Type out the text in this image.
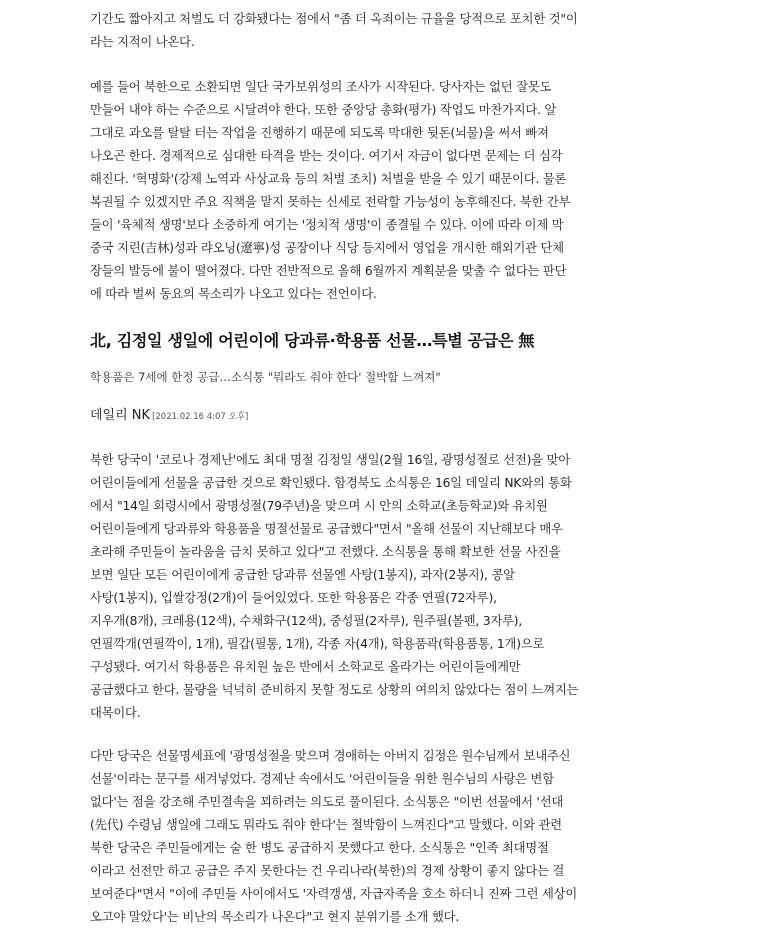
기간도 짧아지고 처벌도 더 강화됐다는 점에서 "좀 더 옥죄이는 규율을 당적으로 포치한 것"이
라는 지적이 나온다.
예를 들어 북한으로 소환되면 일단 국가보위성의 조사가 시작된다. 당사자는 없던 잘못도
만들어 내야 하는 수준으로 시달려야 한다. 또한 중앙당 총화(평가) 작업도 마찬가지다. 알
그대로 과오를 탈탈 터는 작업을 진행하기 때문에 되도록 막대한 뒷돈(뇌물)을 써서 빠져
나오곤 한다. 경제적으로 심대한 타격을 받는 것이다. 여기서 자금이 없다면 문제는 더 심각
해진다. '혁명화'(강제 노역과 사상교육 등의 처벌 조치) 처벌을 받을 수 있기 때문이다. 물론
복권될 수 있겠지만 주요 직책을 맡지 못하는 신세로 전락할 가능성이 농후해진다. 북한 간부
들이 '육체적 생명'보다 소중하게 여기는 '정치적 생명'이 종결될 수 있다. 이에 따라 이제 막
중국 지린(吉林)성과 랴오닝(遼寧)성 공장이나 식당 등지에서 영업을 개시한 해외기관 단체
장들의 발등에 불이 떨어졌다. 다만 전반적으로 올해 6월까지 계획분을 맞출 수 없다는 판단
에 따라 벌써 동요의 목소리가 나오고 있다는 전언이다.
北, 김정일 생일에 어린이에 당과류·학용품 선물…특별 공급은 無

학용품은 7세에 한정 공급…소식통 "뭐라도 줘야 한다' 절박함 느껴져"

데일리 NK [2021.02.16 4:07 오후]

북한 당국이 '코로나 경제난'에도 최대 명절 김정일 생일(2월 16일, 광명성절로 선전)을 맞아
어린이들에게 선물을 공급한 것으로 확인됐다. 함경북도 소식통은 16일 데일리 NK와의 통화
에서 "14일 회령시에서 광명성절(79주년)을 맞으며 시 안의 소학교(초등학교)와 유치원
어린이들에게 당과류와 학용품을 명절선물로 공급했다"면서 "올해 선물이 지난해보다 매우
초라해 주민들이 놀라움을 금치 못하고 있다"고 전했다. 소식통을 통해 확보한 선물 사진을
보면 일단 모든 어린이에게 공급한 당과류 선물엔 사탕(1봉지), 과자(2봉지), 콩알
사탕(1봉지), 입쌀강정(2개)이 들어있었다. 또한 학용품은 각종 연필(72자루),
지우개(8개), 크레용(12색), 수채화구(12색), 중성필(2자루), 원주필(볼펜, 3자루),
연필깍개(연필깍이, 1개), 필갑(필통, 1개), 각종 자(4개), 학용품곽(학용품통, 1개)으로
구성됐다. 여기서 학용품은 유치원 높은 반에서 소학교로 올라가는 어린이들에게만
공급했다고 한다. 물량을 넉넉히 준비하지 못할 정도로 상황의 여의치 않았다는 점이 느껴지는
대목이다.
다만 당국은 선물명세표에 '광명성절을 맞으며 경애하는 아버지 김정은 원수님께서 보내주신
선물'이라는 문구를 새겨넣었다. 경제난 속에서도 '어린이들을 위한 원수님의 사랑은 변함
없다'는 점을 강조해 주민결속을 꾀하려는 의도로 풀이된다. 소식통은 "이번 선물에서 '선대
(先代) 수령님 생일에 그래도 뭐라도 줘야 한다'는 절박함이 느껴진다"고 말했다. 이와 관련
북한 당국은 주민들에게는 술 한 병도 공급하지 못했다고 한다. 소식통은 "인족 최대명절
이라고 선전만 하고 공급은 주지 못한다는 건 우리나라(북한)의 경제 상황이 좋지 않다는 걸
보여준다"면서 "이에 주민들 사이에서도 '자력갱생, 자급자족을 호소 하더니 진짜 그런 세상이
오고야 말았다'는 비난의 목소리가 나온다"고 현지 분위기를 소개 했다.
